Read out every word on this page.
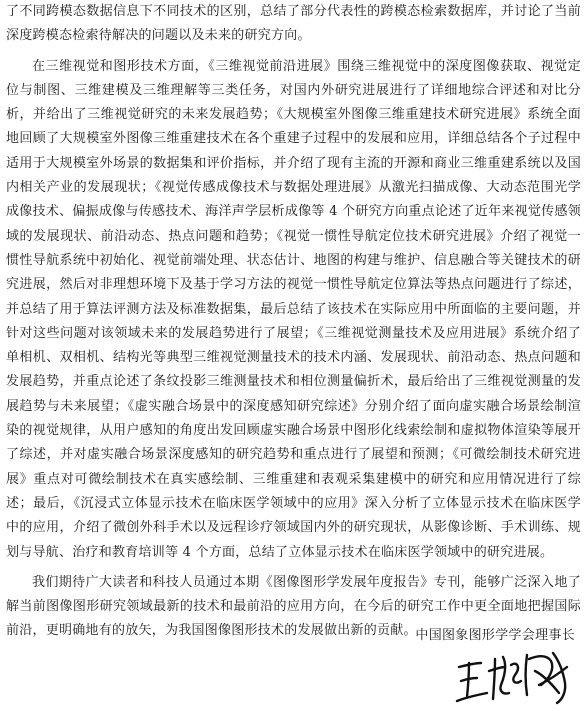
了不同跨模态数据信息下不同技术的区别，总结了部分代表性的跨模态检索数据库，并讨论了当前深度跨模态检索待解决的问题以及未来的研究方向。

在三维视觉和图形技术方面，《三维视觉前沿进展》围绕三维视觉中的深度图像获取、视觉定位与制图、三维建模及三维理解等三类任务，对国内外研究进展进行了详细地综合评述和对比分析，并给出了三维视觉研究的未来发展趋势；《大规模室外图像三维重建技术研究进展》系统全面地回顾了大规模室外图像三维重建技术在各个重建子过程中的发展和应用，详细总结各个子过程中适用于大规模室外场景的数据集和评价指标，并介绍了现有主流的开源和商业三维重建系统以及国内相关产业的发展现状；《视觉传感成像技术与数据处理进展》从激光扫描成像、大动态范围光学成像技术、偏振成像与传感技术、海洋声学层析成像等 4 个研究方向重点论述了近年来视觉传感领域的发展现状、前沿动态、热点问题和趋势；《视觉一惯性导航定位技术研究进展》介绍了视觉一惯性导航系统中初始化、视觉前端处理、状态估计、地图的构建与维护、信息融合等关键技术的研究进展，然后对非理想环境下及基于学习方法的视觉一惯性导航定位算法等热点问题进行了综述，并总结了用于算法评测方法及标准数据集，最后总结了该技术在实际应用中所面临的主要问题，并针对这些问题对该领域未来的发展趋势进行了展望；《三维视觉测量技术及应用进展》系统介绍了单相机、双相机、结构光等典型三维视觉测量技术的技术内涵、发展现状、前沿动态、热点问题和发展趋势，并重点论述了条纹投影三维测量技术和相位测量偏折术，最后给出了三维视觉测量的发展趋势与未来展望；《虚实融合场景中的深度感知研究综述》分别介绍了面向虚实融合场景绘制渲染的视觉规律，从用户感知的角度出发回顾虚实融合场景中图形化线索绘制和虚拟物体渲染等展开了综述，并对虚实融合场景深度感知的研究趋势和重点进行了展望和预测；《可微绘制技术研究进展》重点对可微绘制技术在真实感绘制、三维重建和表观采集建模中的研究和应用情况进行了综述；最后，《沉浸式立体显示技术在临床医学领域中的应用》深入分析了立体显示技术在临床医学中的应用，介绍了微创外科手术以及远程诊疗领域国内外的研究现状，从影像诊断、手术训练、规划与导航、治疗和教育培训等 4 个方面，总结了立体显示技术在临床医学领域中的研究进展。

我们期待广大读者和科技人员通过本期《图像图形学发展年度报告》专刊，能够广泛深入地了解当前图像图形研究领域最新的技术和最前沿的应用方向，在今后的研究工作中更全面地把握国际前沿，更明确地有的放矢，为我国图像图形技术的发展做出新的贡献。

中国图象图形学学会理事长
